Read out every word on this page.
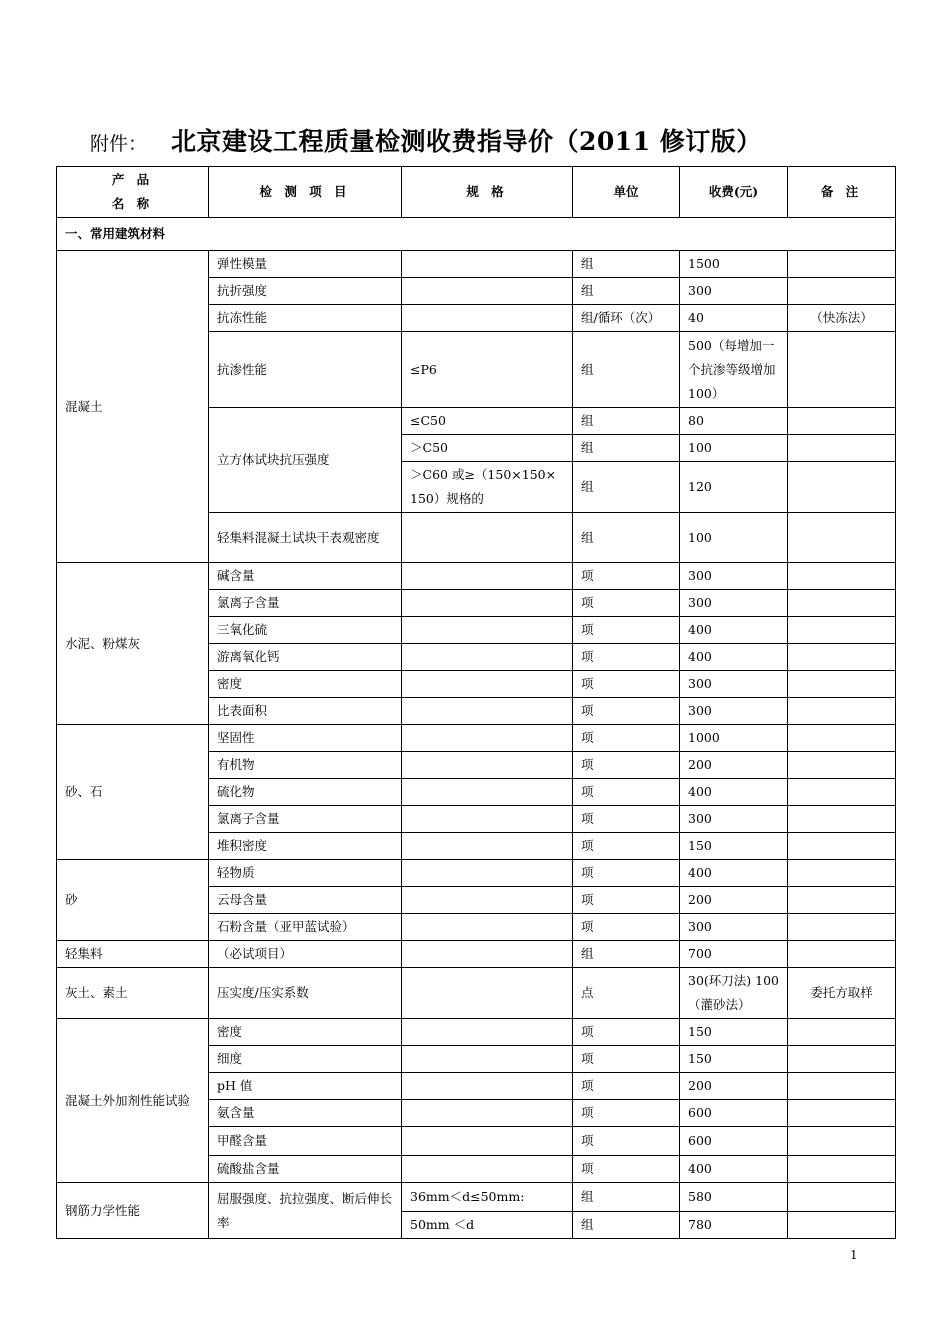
附件： 北京建设工程质量检测收费指导价（2011 修订版）
产 品
名 称	检 测 项 目	规 格	单位	收费(元)	备 注
一、常用建筑材料					
混凝土	弹性模量		组	1500	
	抗折强度		组	300	
	抗冻性能		组/循环（次）	40	（快冻法）
	抗渗性能	≤P6	组	500（每增加一个抗渗等级增加 100）	
	立方体试块抗压强度	≤C50	组	80	
		＞C50	组	100	
		＞C60 或≥（150×150×150）规格的	组	120	
	轻集料混凝土试块干表观密度		组	100	
水泥、粉煤灰	碱含量		项	300	
	氯离子含量		项	300	
	三氧化硫		项	400	
	游离氧化钙		项	400	
	密度		项	300	
	比表面积		项	300	
砂、石	坚固性		项	1000	
	有机物		项	200	
	硫化物		项	400	
	氯离子含量		项	300	
	堆积密度		项	150	
砂	轻物质		项	400	
	云母含量		项	200	
	石粉含量（亚甲蓝试验）		项	300	
轻集料	（必试项目）		组	700	
灰土、素土	压实度/压实系数		点	30(环刀法) 100（灌砂法）	委托方取样
混凝土外加剂性能试验	密度		项	150	
	细度		项	150	
	pH 值		项	200	
	氨含量		项	600	
	甲醛含量		项	600	
	硫酸盐含量		项	400	
钢筋力学性能	屈服强度、抗拉强度、断后伸长率	36mm＜d≤50mm:	组	580	
		50mm ＜d	组	780	
1
